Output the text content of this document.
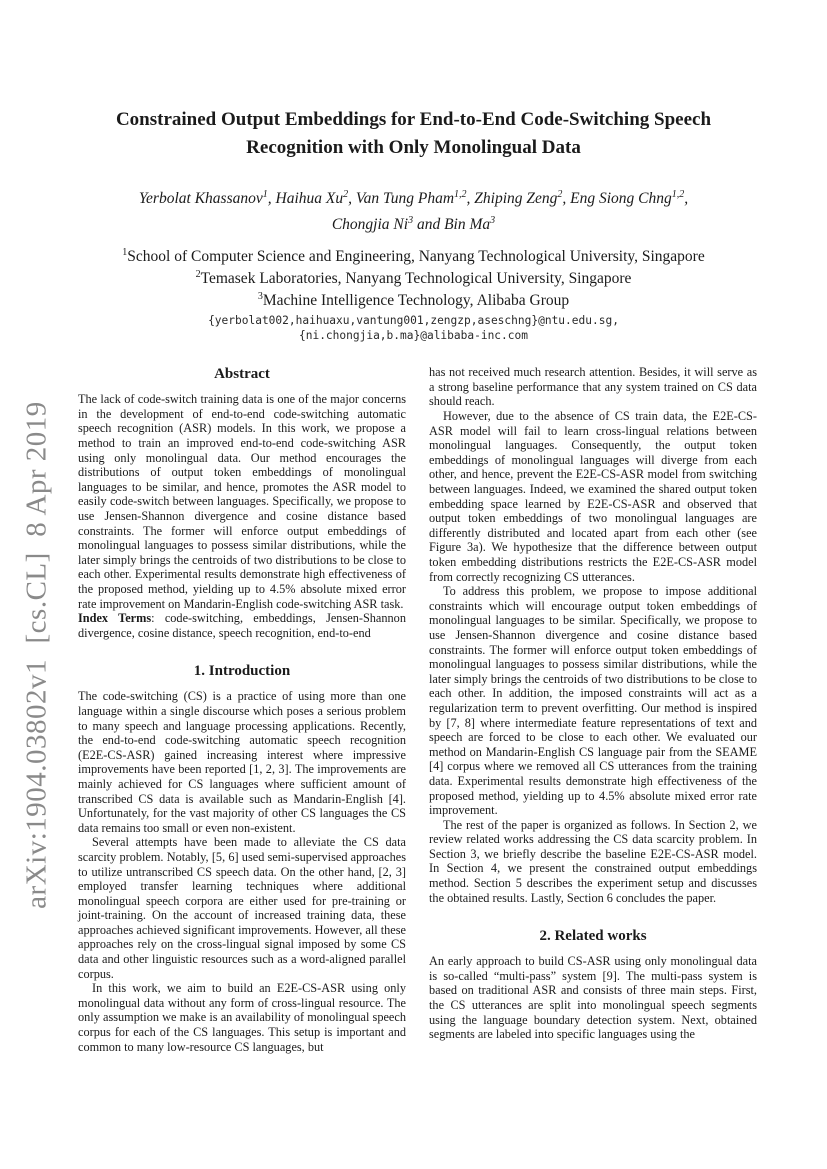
arXiv:1904.03802v1  [cs.CL]  8 Apr 2019
Constrained Output Embeddings for End-to-End Code-Switching Speech Recognition with Only Monolingual Data
Yerbolat Khassanov$^1$, Haihua Xu$^2$, Van Tung Pham$^{1,2}$, Zhiping Zeng$^2$, Eng Siong Chng$^{1,2}$,
Chongjia Ni$^3$ and Bin Ma$^3$
$^1$School of Computer Science and Engineering, Nanyang Technological University, Singapore
$^2$Temasek Laboratories, Nanyang Technological University, Singapore
$^3$Machine Intelligence Technology, Alibaba Group
{yerbolat002,haihuaxu,vantung001,zengzp,aseschng}@ntu.edu.sg,
{ni.chongjia,b.ma}@alibaba-inc.com
Abstract

The lack of code-switch training data is one of the major concerns in the development of end-to-end code-switching automatic speech recognition (ASR) models. In this work, we propose a method to train an improved end-to-end code-switching ASR using only monolingual data. Our method encourages the distributions of output token embeddings of monolingual languages to be similar, and hence, promotes the ASR model to easily code-switch between languages. Specifically, we propose to use Jensen-Shannon divergence and cosine distance based constraints. The former will enforce output embeddings of monolingual languages to possess similar distributions, while the later simply brings the centroids of two distributions to be close to each other. Experimental results demonstrate high effectiveness of the proposed method, yielding up to 4.5% absolute mixed error rate improvement on Mandarin-English code-switching ASR task.

Index Terms: code-switching, embeddings, Jensen-Shannon divergence, cosine distance, speech recognition, end-to-end

1. Introduction

The code-switching (CS) is a practice of using more than one language within a single discourse which poses a serious problem to many speech and language processing applications. Recently, the end-to-end code-switching automatic speech recognition (E2E-CS-ASR) gained increasing interest where impressive improvements have been reported [1, 2, 3]. The improvements are mainly achieved for CS languages where sufficient amount of transcribed CS data is available such as Mandarin-English [4]. Unfortunately, for the vast majority of other CS languages the CS data remains too small or even non-existent.

Several attempts have been made to alleviate the CS data scarcity problem. Notably, [5, 6] used semi-supervised approaches to utilize untranscribed CS speech data. On the other hand, [2, 3] employed transfer learning techniques where additional monolingual speech corpora are either used for pre-training or joint-training. On the account of increased training data, these approaches achieved significant improvements. However, all these approaches rely on the cross-lingual signal imposed by some CS data and other linguistic resources such as a word-aligned parallel corpus.

In this work, we aim to build an E2E-CS-ASR using only monolingual data without any form of cross-lingual resource. The only assumption we make is an availability of monolingual speech corpus for each of the CS languages. This setup is important and common to many low-resource CS languages, but

has not received much research attention. Besides, it will serve as a strong baseline performance that any system trained on CS data should reach.

However, due to the absence of CS train data, the E2E-CS-ASR model will fail to learn cross-lingual relations between monolingual languages. Consequently, the output token embeddings of monolingual languages will diverge from each other, and hence, prevent the E2E-CS-ASR model from switching between languages. Indeed, we examined the shared output token embedding space learned by E2E-CS-ASR and observed that output token embeddings of two monolingual languages are differently distributed and located apart from each other (see Figure 3a). We hypothesize that the difference between output token embedding distributions restricts the E2E-CS-ASR model from correctly recognizing CS utterances.

To address this problem, we propose to impose additional constraints which will encourage output token embeddings of monolingual languages to be similar. Specifically, we propose to use Jensen-Shannon divergence and cosine distance based constraints. The former will enforce output token embeddings of monolingual languages to possess similar distributions, while the later simply brings the centroids of two distributions to be close to each other. In addition, the imposed constraints will act as a regularization term to prevent overfitting. Our method is inspired by [7, 8] where intermediate feature representations of text and speech are forced to be close to each other. We evaluated our method on Mandarin-English CS language pair from the SEAME [4] corpus where we removed all CS utterances from the training data. Experimental results demonstrate high effectiveness of the proposed method, yielding up to 4.5% absolute mixed error rate improvement.

The rest of the paper is organized as follows. In Section 2, we review related works addressing the CS data scarcity problem. In Section 3, we briefly describe the baseline E2E-CS-ASR model. In Section 4, we present the constrained output embeddings method. Section 5 describes the experiment setup and discusses the obtained results. Lastly, Section 6 concludes the paper.

2. Related works

An early approach to build CS-ASR using only monolingual data is so-called “multi-pass” system [9]. The multi-pass system is based on traditional ASR and consists of three main steps. First, the CS utterances are split into monolingual speech segments using the language boundary detection system. Next, obtained segments are labeled into specific languages using the
